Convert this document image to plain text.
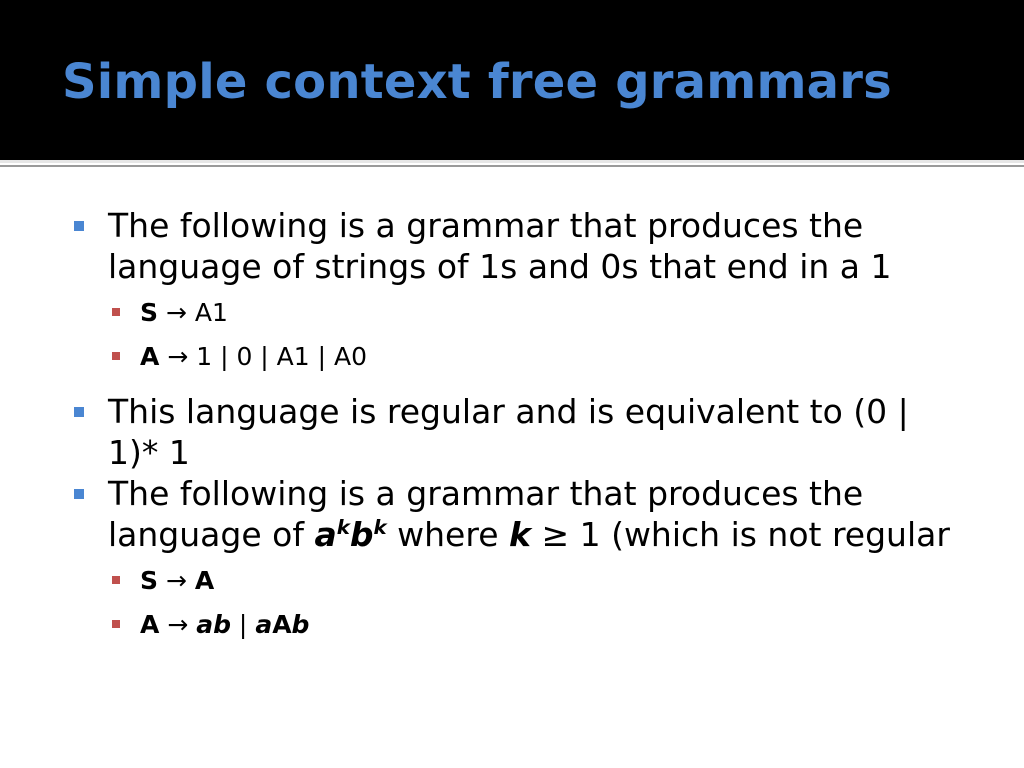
Simple context free grammars
The following is a grammar that produces the language of strings of 1s and 0s that end in a 1
S → A1
A → 1 | 0 | A1 | A0
This language is regular and is equivalent to (0 | 1)* 1
The following is a grammar that produces the language of $a^kb^k$ where k ≥ 1 (which is not regular
S → A
A → ab | aAb
